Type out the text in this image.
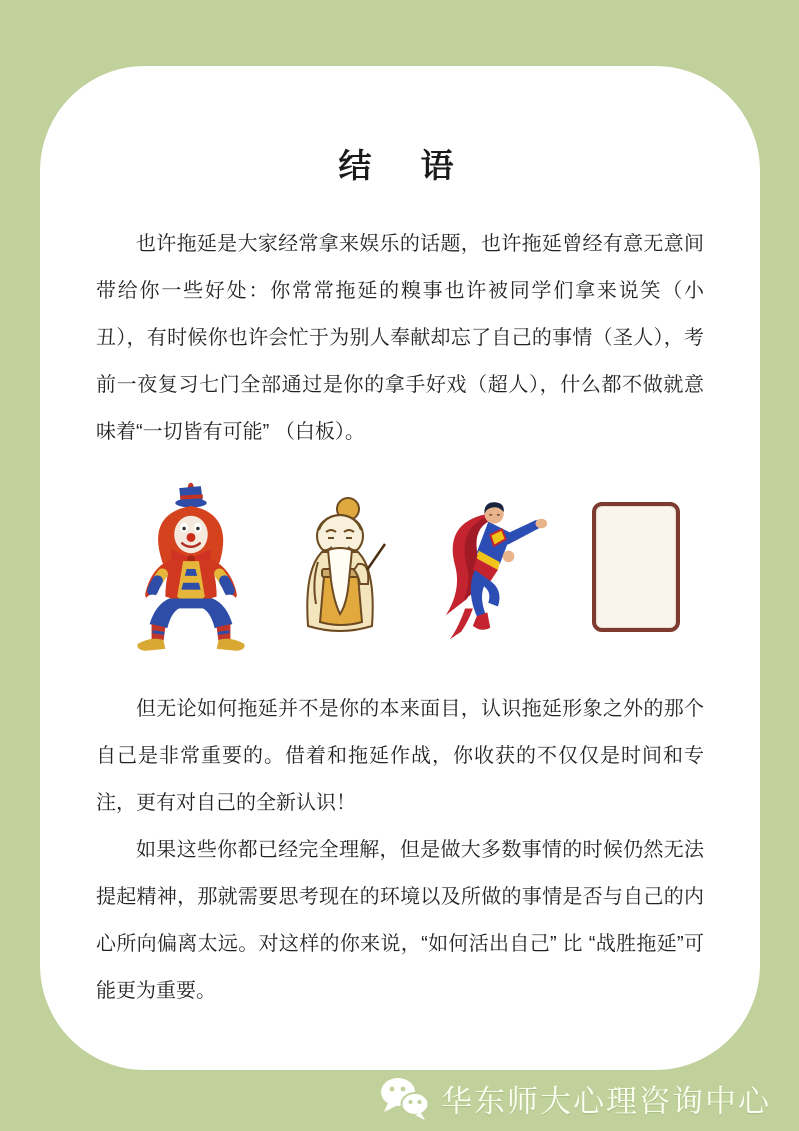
结　语

也许拖延是大家经常拿来娱乐的话题，也许拖延曾经有意无意间带给你一些好处：你常常拖延的糗事也许被同学们拿来说笑（小丑），有时候你也许会忙于为别人奉献却忘了自己的事情（圣人），考前一夜复习七门全部通过是你的拿手好戏（超人），什么都不做就意味着“一切皆有可能” （白板）。

但无论如何拖延并不是你的本来面目，认识拖延形象之外的那个自己是非常重要的。借着和拖延作战，你收获的不仅仅是时间和专注，更有对自己的全新认识！

如果这些你都已经完全理解，但是做大多数事情的时候仍然无法提起精神，那就需要思考现在的环境以及所做的事情是否与自己的内心所向偏离太远。对这样的你来说，“如何活出自己” 比 “战胜拖延”可能更为重要。

华东师大心理咨询中心
